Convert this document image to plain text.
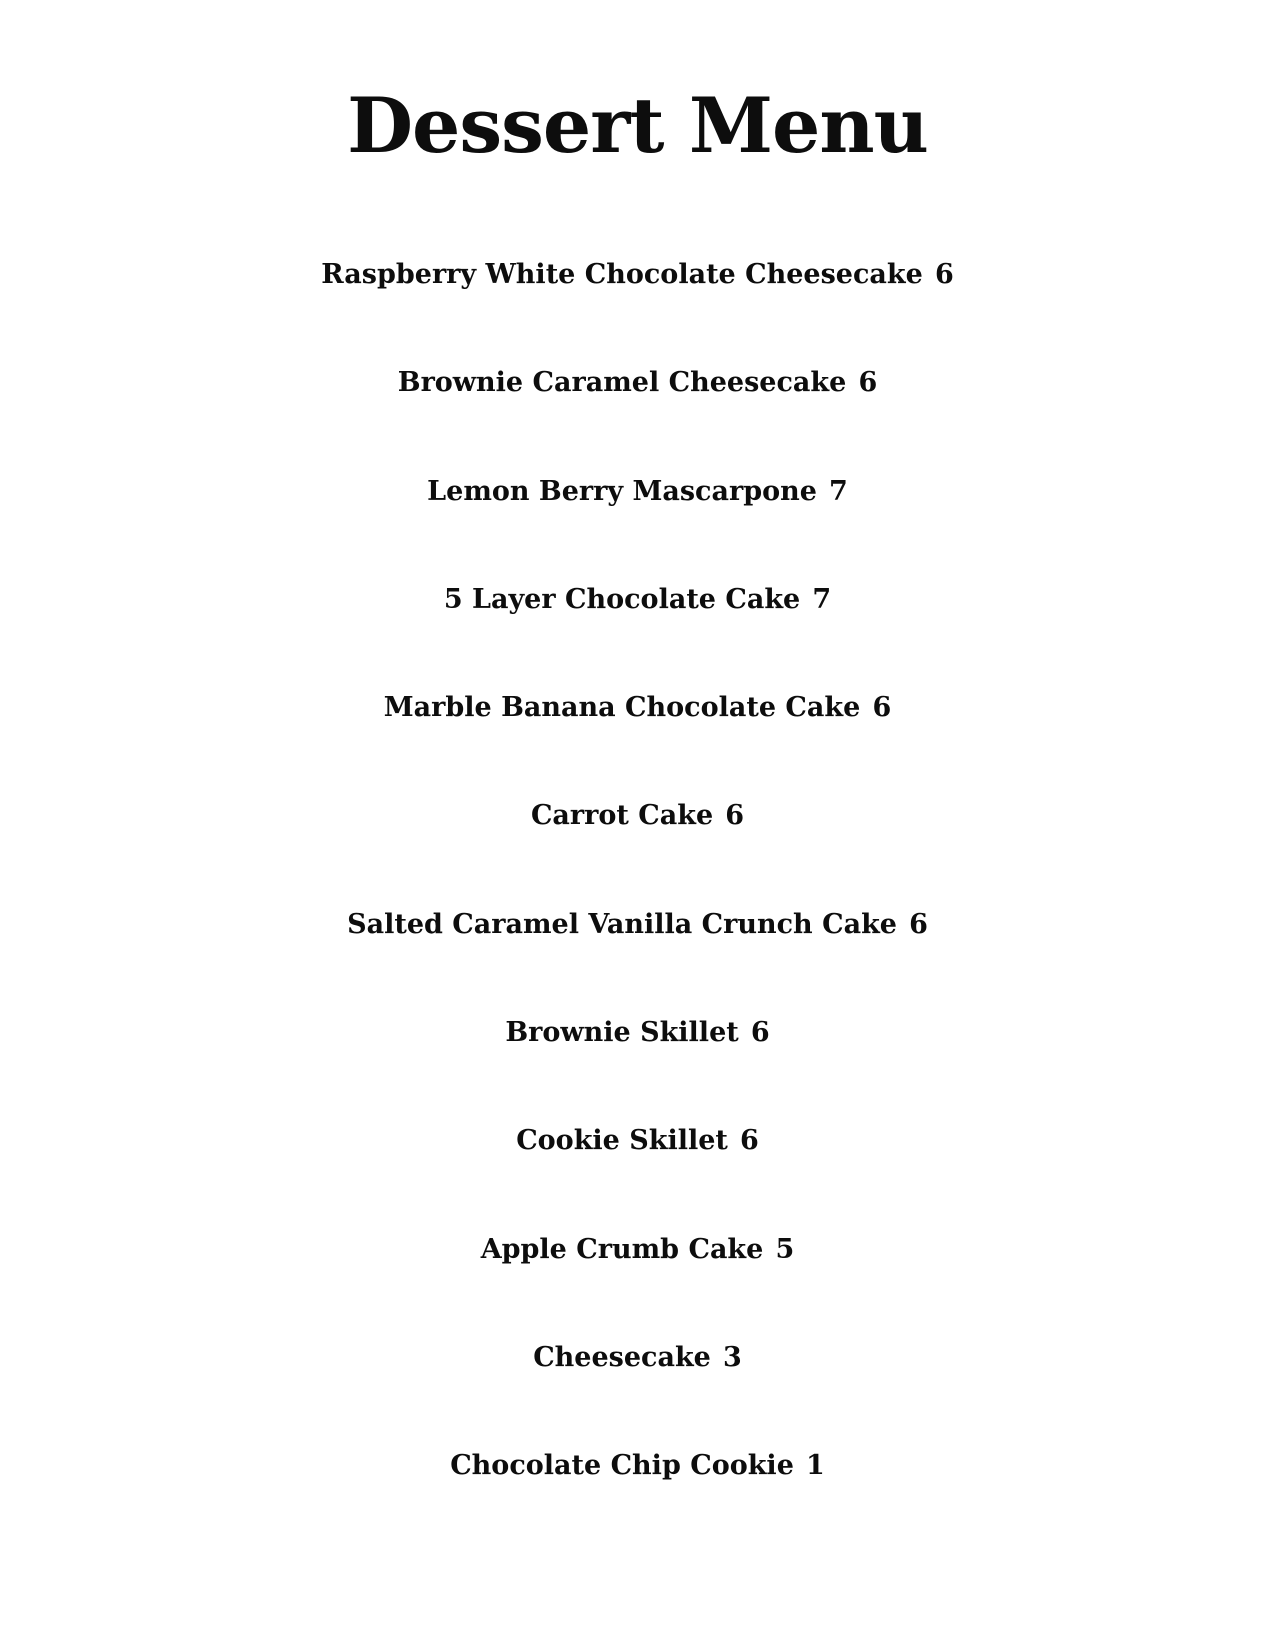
Dessert Menu
Raspberry White Chocolate Cheesecake 6
Brownie Caramel Cheesecake 6
Lemon Berry Mascarpone 7
5 Layer Chocolate Cake 7
Marble Banana Chocolate Cake 6
Carrot Cake 6
Salted Caramel Vanilla Crunch Cake 6
Brownie Skillet 6
Cookie Skillet 6
Apple Crumb Cake 5
Cheesecake 3
Chocolate Chip Cookie 1
